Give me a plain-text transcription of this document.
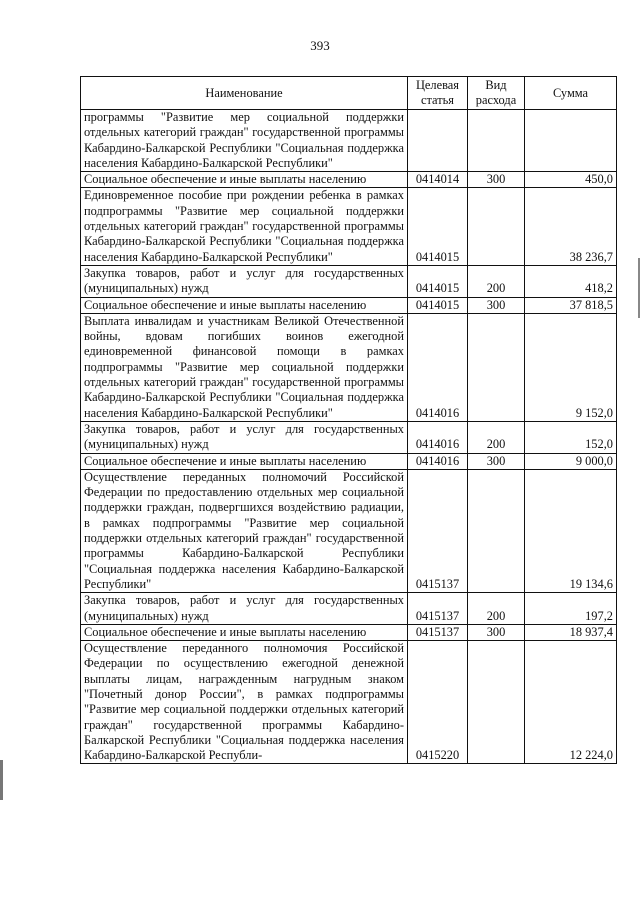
393
Наименование	Целевая статья	Вид расхода	Сумма
программы "Развитие мер социальной поддержки отдельных категорий граждан" государственной программы Кабардино-Балкарской Республики "Социальная поддержка населения Кабардино-Балкарской Республики"			
Социальное обеспечение и иные выплаты населению	0414014	300	450,0
Единовременное пособие при рождении ребенка в рамках подпрограммы "Развитие мер социальной поддержки отдельных категорий граждан" государственной программы Кабардино-Балкарской Республики "Социальная поддержка населения Кабардино-Балкарской Республики"	0414015		38 236,7
Закупка товаров, работ и услуг для государственных (муниципальных) нужд	0414015	200	418,2
Социальное обеспечение и иные выплаты населению	0414015	300	37 818,5
Выплата инвалидам и участникам Великой Отечественной войны, вдовам погибших воинов ежегодной единовременной финансовой помощи в рамках подпрограммы "Развитие мер социальной поддержки отдельных категорий граждан" государственной программы Кабардино-Балкарской Республики "Социальная поддержка населения Кабардино-Балкарской Республики"	0414016		9 152,0
Закупка товаров, работ и услуг для государственных (муниципальных) нужд	0414016	200	152,0
Социальное обеспечение и иные выплаты населению	0414016	300	9 000,0
Осуществление переданных полномочий Российской Федерации по предоставлению отдельных мер социальной поддержки граждан, подвергшихся воздействию радиации, в рамках подпрограммы "Развитие мер социальной поддержки отдельных категорий граждан" государственной программы Кабардино-Балкарской Республики "Социальная поддержка населения Кабардино-Балкарской Республики"	0415137		19 134,6
Закупка товаров, работ и услуг для государственных (муниципальных) нужд	0415137	200	197,2
Социальное обеспечение и иные выплаты населению	0415137	300	18 937,4
Осуществление переданного полномочия Российской Федерации по осуществлению ежегодной денежной выплаты лицам, награжденным нагрудным знаком "Почетный донор России", в рамках подпрограммы "Развитие мер социальной поддержки отдельных категорий граждан" государственной программы Кабардино-Балкарской Республики "Социальная поддержка населения Кабардино-Балкарской Республи-	0415220		12 224,0
